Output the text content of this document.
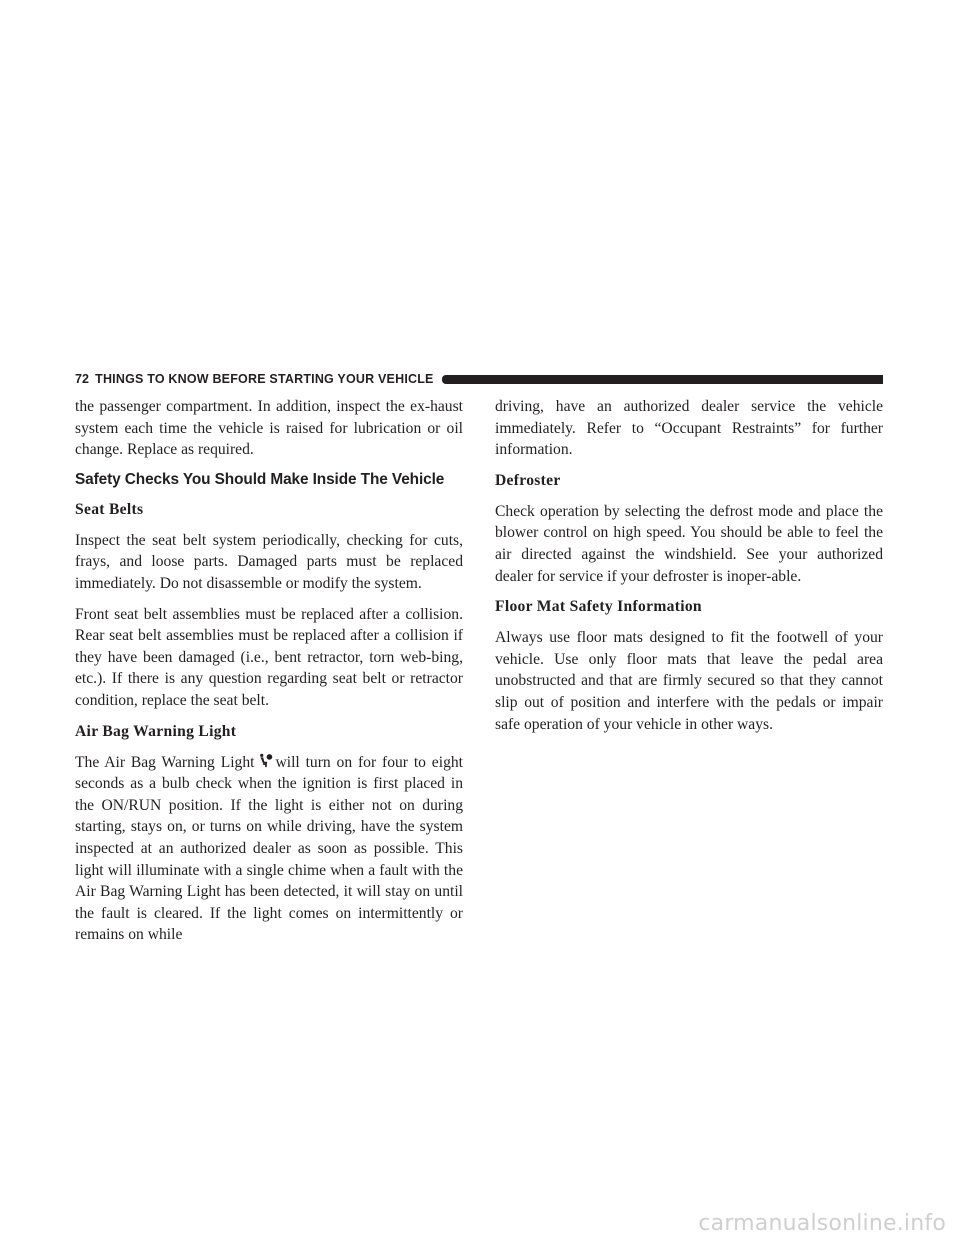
72 THINGS TO KNOW BEFORE STARTING YOUR VEHICLE

the passenger compartment. In addition, inspect the ex-haust system each time the vehicle is raised for lubrication or oil change. Replace as required.

Safety Checks You Should Make Inside The Vehicle
Seat Belts

Inspect the seat belt system periodically, checking for cuts, frays, and loose parts. Damaged parts must be replaced immediately. Do not disassemble or modify the system.

Front seat belt assemblies must be replaced after a collision. Rear seat belt assemblies must be replaced after a collision if they have been damaged (i.e., bent retractor, torn web-bing, etc.). If there is any question regarding seat belt or retractor condition, replace the seat belt.

Air Bag Warning Light

The Air Bag Warning Light will turn on for four to eight seconds as a bulb check when the ignition is first placed in the ON/RUN position. If the light is either not on during starting, stays on, or turns on while driving, have the system inspected at an authorized dealer as soon as possible. This light will illuminate with a single chime when a fault with the Air Bag Warning Light has been detected, it will stay on until the fault is cleared. If the light comes on intermittently or remains on while

driving, have an authorized dealer service the vehicle immediately. Refer to “Occupant Restraints” for further information.

Defroster

Check operation by selecting the defrost mode and place the blower control on high speed. You should be able to feel the air directed against the windshield. See your authorized dealer for service if your defroster is inoper-able.

Floor Mat Safety Information

Always use floor mats designed to fit the footwell of your vehicle. Use only floor mats that leave the pedal area unobstructed and that are firmly secured so that they cannot slip out of position and interfere with the pedals or impair safe operation of your vehicle in other ways.

carmanualsonline.info
